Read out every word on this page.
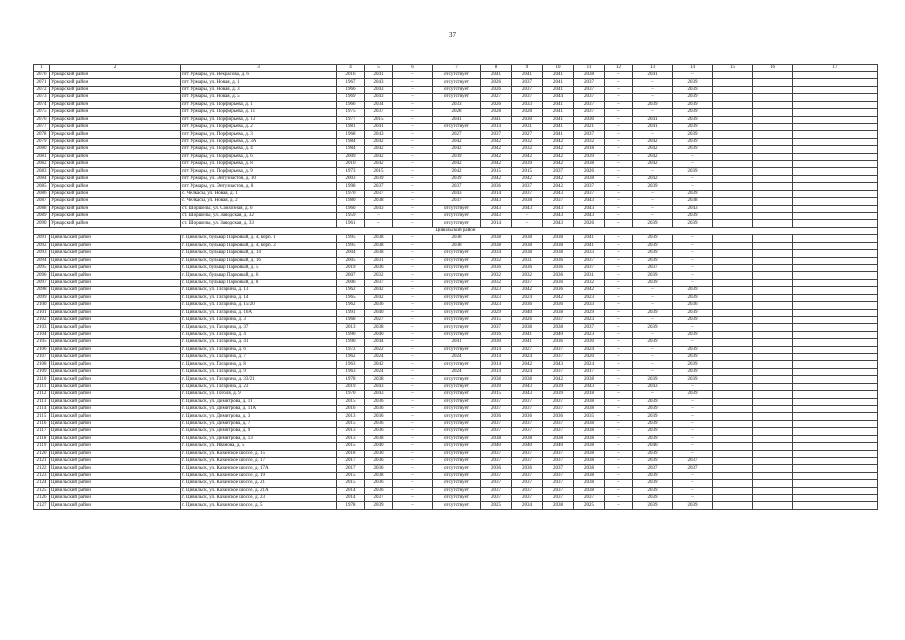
37
1	2	3	4	5	6	7	8	9	10	11	12	13	14	15	16	17
2070	Урмарский район	пгт Урмары, ул. Некрасова, д. 6	2016	2041	–	отсутствует	2041	2041	2041	2038	–	2041	–			
2071	Урмарский район	пгт Урмары, ул. Новая, д. 1	1967	2043	–	отсутствует	2026	2037	2041	2037	–	–	2039			
2072	Урмарский район	пгт Урмары, ул. Новая, д. 3	1966	2043	–	отсутствует	2026	2037	2041	2037	–	–	2039			
2073	Урмарский район	пгт Урмары, ул. Новая, д. 5	1969	2043	–	отсутствует	2027	2037	2044	2037	–	–	2039			
2074	Урмарский район	пгт Урмары, ул. Порфирьева, д. 1	1966	2034	–	2033	2026	2033	2041	2037	–	2039	2039			
2075	Урмарский район	пгт Урмары, ул. Порфирьева, д. 11	1975	2037	–	2028	2028	2028	2041	2037	–	–	2039			
2076	Урмарский район	пгт Урмары, ул. Порфирьева, д. 13	1977	2015	–	2041	2041	2030	2041	2030	–	2041	2039			
2077	Урмарский район	пгт Урмары, ул. Порфирьева, д. 2	1981	2041	–	отсутствует	2014	2031	2041	2021	–	2041	2039			
2078	Урмарский район	пгт Урмары, ул. Порфирьева, д. 3	1968	2043	–	2027	2037	2027	2041	2037	–	–	2039			
2079	Урмарский район	пгт Урмары, ул. Порфирьева, д. 3А	1984	2042	–	2042	2042	2032	2042	2032	–	2042	2039			
2080	Урмарский район	пгт Урмары, ул. Порфирьева, д. 4	1984	2042	–	2042	2042	2032	2042	2018	–	2042	2039			
2081	Урмарский район	пгт Урмары, ул. Порфирьева, д. 6	2009	2042	–	2039	2042	2042	2042	2039	–	2042	–			
2082	Урмарский район	пгт Урмары, ул. Порфирьева, д. 8	2010	2042	–	2042	2042	2039	2042	2038	–	2042	–			
2083	Урмарский район	пгт Урмары, ул. Порфирьева, д. 9	1973	2015	–	2042	2015	2015	2037	2026	–	–	2039			
2084	Урмарский район	пгт Урмары, ул. Энтузиастов, д. 10	2003	2039	–	2039	2042	2042	2042	2038	–	2042	–			
2085	Урмарский район	пгт Урмары, ул. Энтузиастов, д. 8	1998	2037	–	2037	2036	2037	2042	2037	–	2039	–			
2086	Урмарский район	с. Челкасы, ул. Новая, д. 1	1970	2037	–	2043	2014	2037	2043	2037	–	–	2039			
2087	Урмарский район	с. Челкасы, ул. Новая, д. 2	1980	2038	–	2037	2043	2038	2037	2043	–	–	2038			
2088	Урмарский район	ст. Шоршелы, ул. Совхозная, д. 6	1960	2043	–	отсутствует	2043	2043	2043	2043	–	–	2043			
2089	Урмарский район	ст. Шоршелы, ул. Заводская, д. 32	1959	–	–	отсутствует	2043	–	2043	2043	–	–	2039			
2090	Урмарский район	ст. Шоршелы, ул. Заводская, д. 33	1961	–	–	отсутствует	2014	–	2043	2026	–	2039	2039			
Цивильский район																
2091	Цивильский район	г. Цивильск, бульвар Парковый, д. 4, корп. 1	1995	2038	–	2038	2038	2038	2038	2041	–	2039	–			
2092	Цивильский район	г. Цивильск, бульвар Парковый, д. 4, корп. 2	1995	2038	–	2038	2038	2038	2038	2041	–	2039	–			
2093	Цивильский район	г. Цивильск, бульвар Парковый, д. 14	2004	2038	–	отсутствует	2034	2038	2038	2033	–	2039	–			
2094	Цивильский район	г. Цивильск, бульвар Парковый, д. 16	2005	2031	–	отсутствует	2032	2031	2036	2037	–	2039	–			
2095	Цивильский район	г. Цивильск, бульвар Парковый, д. 5	2019	2036	–	отсутствует	2036	2036	2036	2037	–	2037	–			
2096	Цивильский район	г. Цивильск, бульвар Парковый, д. 6	2007	2032	–	отсутствует	2032	2032	2036	2031	–	2039	–			
2097	Цивильский район	г. Цивильск, бульвар Парковый, д. 8	2006	2037	–	отсутствует	2032	2037	2036	2032	–	2039	–			
2098	Цивильский район	г. Цивильск, ул. Гагарина, д. 13	1962	2042	–	отсутствует	2023	2042	2036	2042	–	–	2039			
2099	Цивильский район	г. Цивильск, ул. Гагарина, д. 14	1965	2042	–	отсутствует	2023	2024	2042	2023	–	–	2039			
2100	Цивильский район	г. Цивильск, ул. Гагарина, д. 15/20	1962	2036	–	отсутствует	2023	2036	2036	2033	–	–	2036			
2101	Цивильский район	г. Цивильск, ул. Гагарина, д. 16А	1991	2040	–	отсутствует	2029	2040	2038	2029	–	2039	2039			
2102	Цивильский район	г. Цивильск, ул. Гагарина, д. 3	1968	2027	–	отсутствует	2015	2026	2037	2023	–	–	2039			
2103	Цивильский район	г. Цивильск, ул. Гагарина, д. 37	2013	2038	–	отсутствует	2037	2038	2038	2037	–	2039	–			
2104	Цивильский район	г. Цивильск, ул. Гагарина, д. 4	1990	2040	–	отсутствует	2016	2041	2040	2023	–	–	2039			
2105	Цивильский район	г. Цивильск, ул. Гагарина, д. 41	1990	2044	–	2041	2030	2041	2036	2030	–	2039	–			
2106	Цивильский район	г. Цивильск, ул. Гагарина, д. 6	1972	2022	–	отсутствует	2014	2027	2037	2024	–	–	2039			
2107	Цивильский район	г. Цивильск, ул. Гагарина, д. 7	1962	2024	–	2024	2014	2024	2037	2020	–	–	2039			
2108	Цивильский район	г. Цивильск, ул. Гагарина, д. 8	1963	2042	–	отсутствует	2014	2042	2043	2024	–	–	2039			
2109	Цивильский район	г. Цивильск, ул. Гагарина, д. 9	1963	2024	–	2024	2014	2024	2037	2017	–	–	2039			
2110	Цивильский район	г. Цивильск, ул. Гагарина, д. 33/21	1978	2038	–	отсутствует	2038	2038	2042	2038	–	2039	2039			
2111	Цивильский район	г. Цивильск, ул. Гагарина, д. 23	2019	2043	–	отсутствует	2039	2043	2039	2043	–	2043	–			
2112	Цивильский район	г. Цивильск, ул. Гоголя, д. 9	1970	2043	–	отсутствует	2015	2043	2039	2018	–	–	2039			
2113	Цивильский район	г. Цивильск, ул. Димитрова, д. 11	2015	2036	–	отсутствует	2037	2037	2037	2038	–	2039	–			
2114	Цивильский район	г. Цивильск, ул. Димитрова, д. 11А	2016	2036	–	отсутствует	2037	2037	2037	2038	–	2039	–			
2115	Цивильский район	г. Цивильск, ул. Димитрова, д. 3	2013	2036	–	отсутствует	2036	2036	2036	2035	–	2039	–			
2116	Цивильский район	г. Цивильск, ул. Димитрова, д. 7	2015	2036	–	отсутствует	2037	2037	2037	2038	–	2039	–			
2117	Цивильский район	г. Цивильск, ул. Димитрова, д. 9	2013	2036	–	отсутствует	2037	2037	2037	2038	–	2039	–			
2118	Цивильский район	г. Цивильск, ул. Димитрова, д. 13	2013	2038	–	отсутствует	2038	2038	2038	2038	–	2039	–			
2119	Цивильский район	г. Цивильск, ул. Иванова, д. 5	2015	2040	–	отсутствует	2040	2040	2040	2038	–	2040	–			
2120	Цивильский район	г. Цивильск, ул. Казанское шоссе, д. 15	2018	2030	–	отсутствует	2037	2037	2037	2038	–	2039	–			
2121	Цивильский район	г. Цивильск, ул. Казанское шоссе, д. 17	2017	2036	–	отсутствует	2037	2037	2037	2038	–	2039	2037			
2122	Цивильский район	г. Цивильск, ул. Казанское шоссе, д. 17А	2017	2036	–	отсутствует	2036	2036	2037	2038	–	2037	2037			
2123	Цивильский район	г. Цивильск, ул. Казанское шоссе, д. 19	2015	2038	–	отсутствует	2037	2037	2037	2038	–	2039	–			
2124	Цивильский район	г. Цивильск, ул. Казанское шоссе, д. 21	2015	2036	–	отсутствует	2037	2037	2037	2038	–	2039	–			
2125	Цивильский район	г. Цивильск, ул. Казанское шоссе, д. 21А	2014	2036	–	отсутствует	2037	2037	2037	2038	–	2039	–			
2126	Цивильский район	г. Цивильск, ул. Казанское шоссе, д. 23	2014	2037	–	отсутствует	2037	2037	2037	2037	–	2039	–			
2127	Цивильский район	г. Цивильск, ул. Казанское шоссе, д. 5	1978	2039	–	отсутствует	2025	2034	2038	2025	–	2039	2039			
